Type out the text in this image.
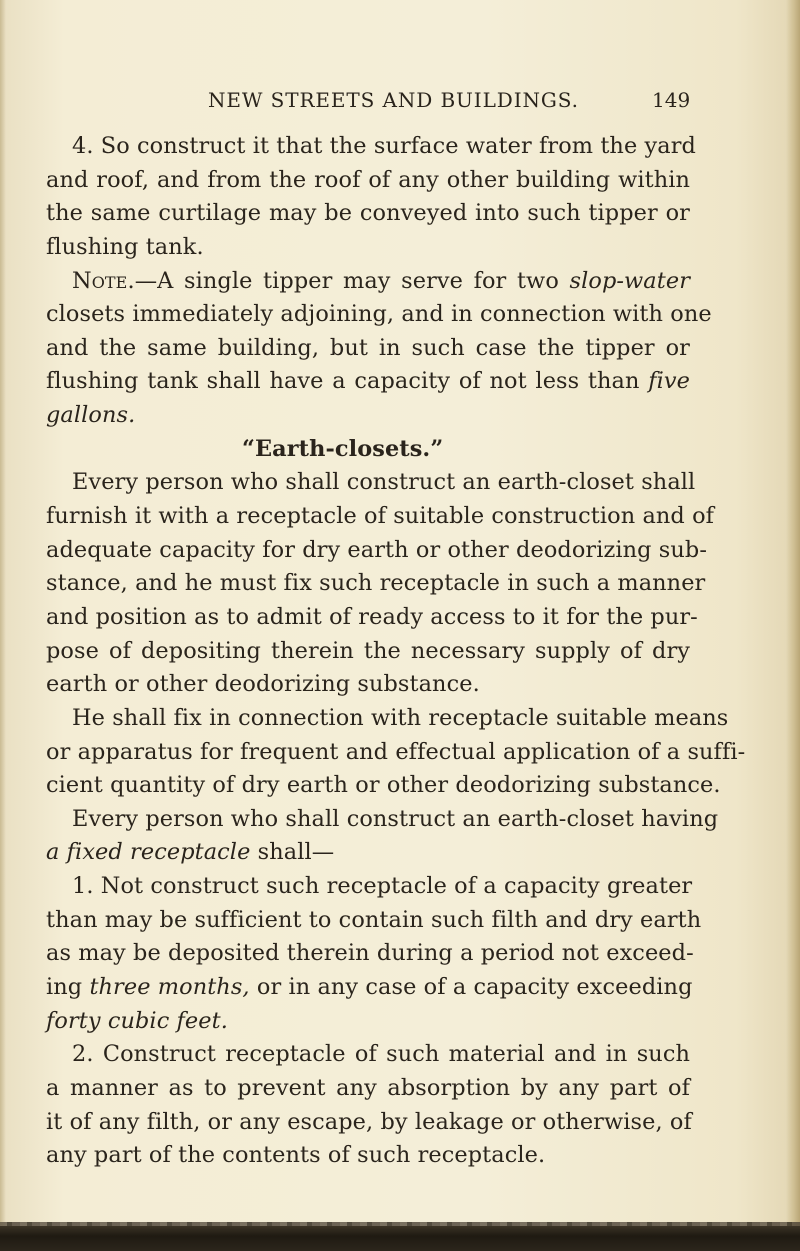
NEW STREETS AND BUILDINGS.	149
4. So construct it that the surface water from the yard
and roof, and from the roof of any other building within
the same curtilage may be conveyed into such tipper or
flushing tank.
Note.—A single tipper may serve for two slop-water
closets immediately adjoining, and in connection with one
and the same building, but in such case the tipper or
flushing tank shall have a capacity of not less than five
gallons.
“Earth-closets.”
Every person who shall construct an earth-closet shall
furnish it with a receptacle of suitable construction and of
adequate capacity for dry earth or other deodorizing sub-
stance, and he must fix such receptacle in such a manner
and position as to admit of ready access to it for the pur-
pose of depositing therein the necessary supply of dry
earth or other deodorizing substance.
He shall fix in connection with receptacle suitable means
or apparatus for frequent and effectual application of a suffi-
cient quantity of dry earth or other deodorizing substance.
Every person who shall construct an earth-closet having
a fixed receptacle shall—
1. Not construct such receptacle of a capacity greater
than may be sufficient to contain such filth and dry earth
as may be deposited therein during a period not exceed-
ing three months, or in any case of a capacity exceeding
forty cubic feet.
2. Construct receptacle of such material and in such
a manner as to prevent any absorption by any part of
it of any filth, or any escape, by leakage or otherwise, of
any part of the contents of such receptacle.
